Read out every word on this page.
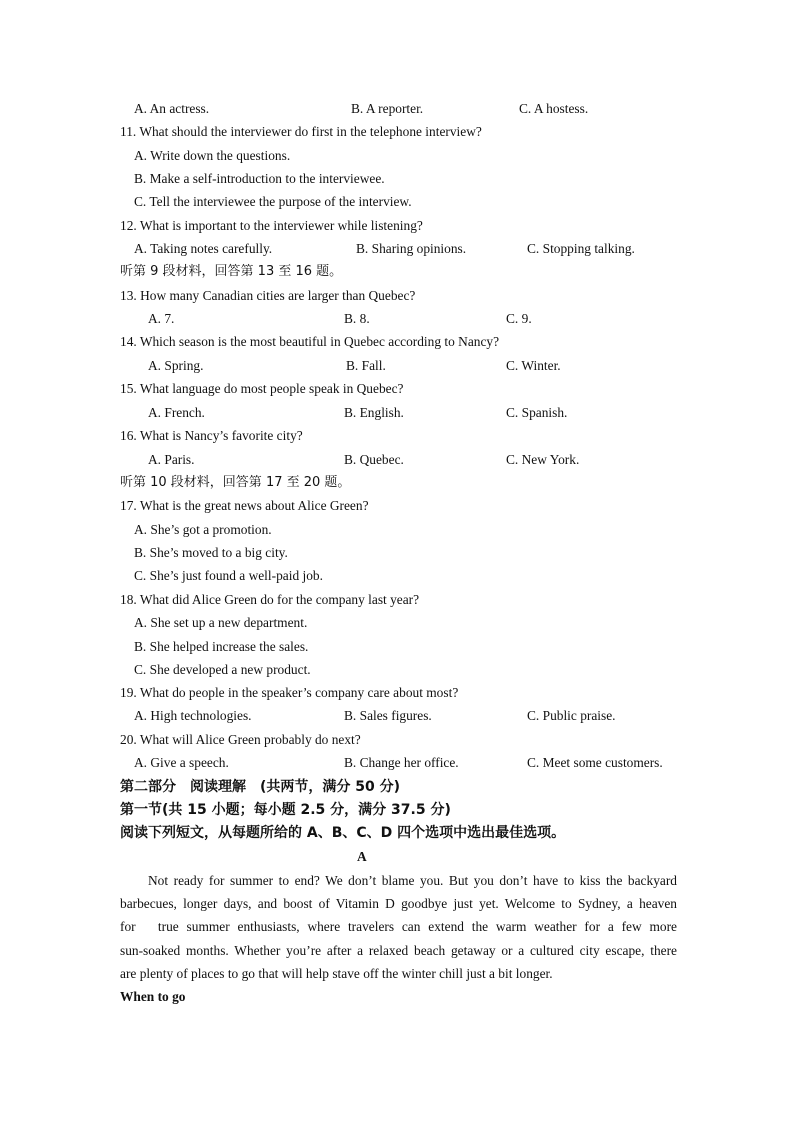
A. An actress.	B. A reporter.	C. A hostess.
11. What should the interviewer do first in the telephone interview?
A. Write down the questions.
B. Make a self-introduction to the interviewee.
C. Tell the interviewee the purpose of the interview.
12. What is important to the interviewer while listening?
A. Taking notes carefully.	B. Sharing opinions.	C. Stopping talking.
听第 9 段材料，回答第 13 至 16 题。
13. How many Canadian cities are larger than Quebec?
A. 7.	B. 8.	C. 9.
14. Which season is the most beautiful in Quebec according to Nancy?
A. Spring.	B. Fall.	C. Winter.
15. What language do most people speak in Quebec?
A. French.	B. English.	C. Spanish.
16. What is Nancy’s favorite city?
A. Paris.	B. Quebec.	C. New York.
听第 10 段材料，回答第 17 至 20 题。
17. What is the great news about Alice Green?
A. She’s got a promotion.
B. She’s moved to a big city.
C. She’s just found a well-paid job.
18. What did Alice Green do for the company last year?
A. She set up a new department.
B. She helped increase the sales.
C. She developed a new product.
19. What do people in the speaker’s company care about most?
A. High technologies.	B. Sales figures.	C. Public praise.
20. What will Alice Green probably do next?
A. Give a speech.	B. Change her office.	C. Meet some customers.
第二部分　阅读理解　(共两节，满分 50 分)
第一节(共 15 小题；每小题 2.5 分，满分 37.5 分)
阅读下列短文，从每题所给的 A、B、C、D 四个选项中选出最佳选项。
A
Not ready for summer to end? We don’t blame you. But you don’t have to kiss the backyard
barbecues, longer days, and boost of Vitamin D goodbye just yet. Welcome to Sydney, a heaven
for　true summer enthusiasts, where travelers can extend the warm weather for a few more
sun-soaked months. Whether you’re after a relaxed beach getaway or a cultured city escape, there
are plenty of places to go that will help stave off the winter chill just a bit longer.
When to go
